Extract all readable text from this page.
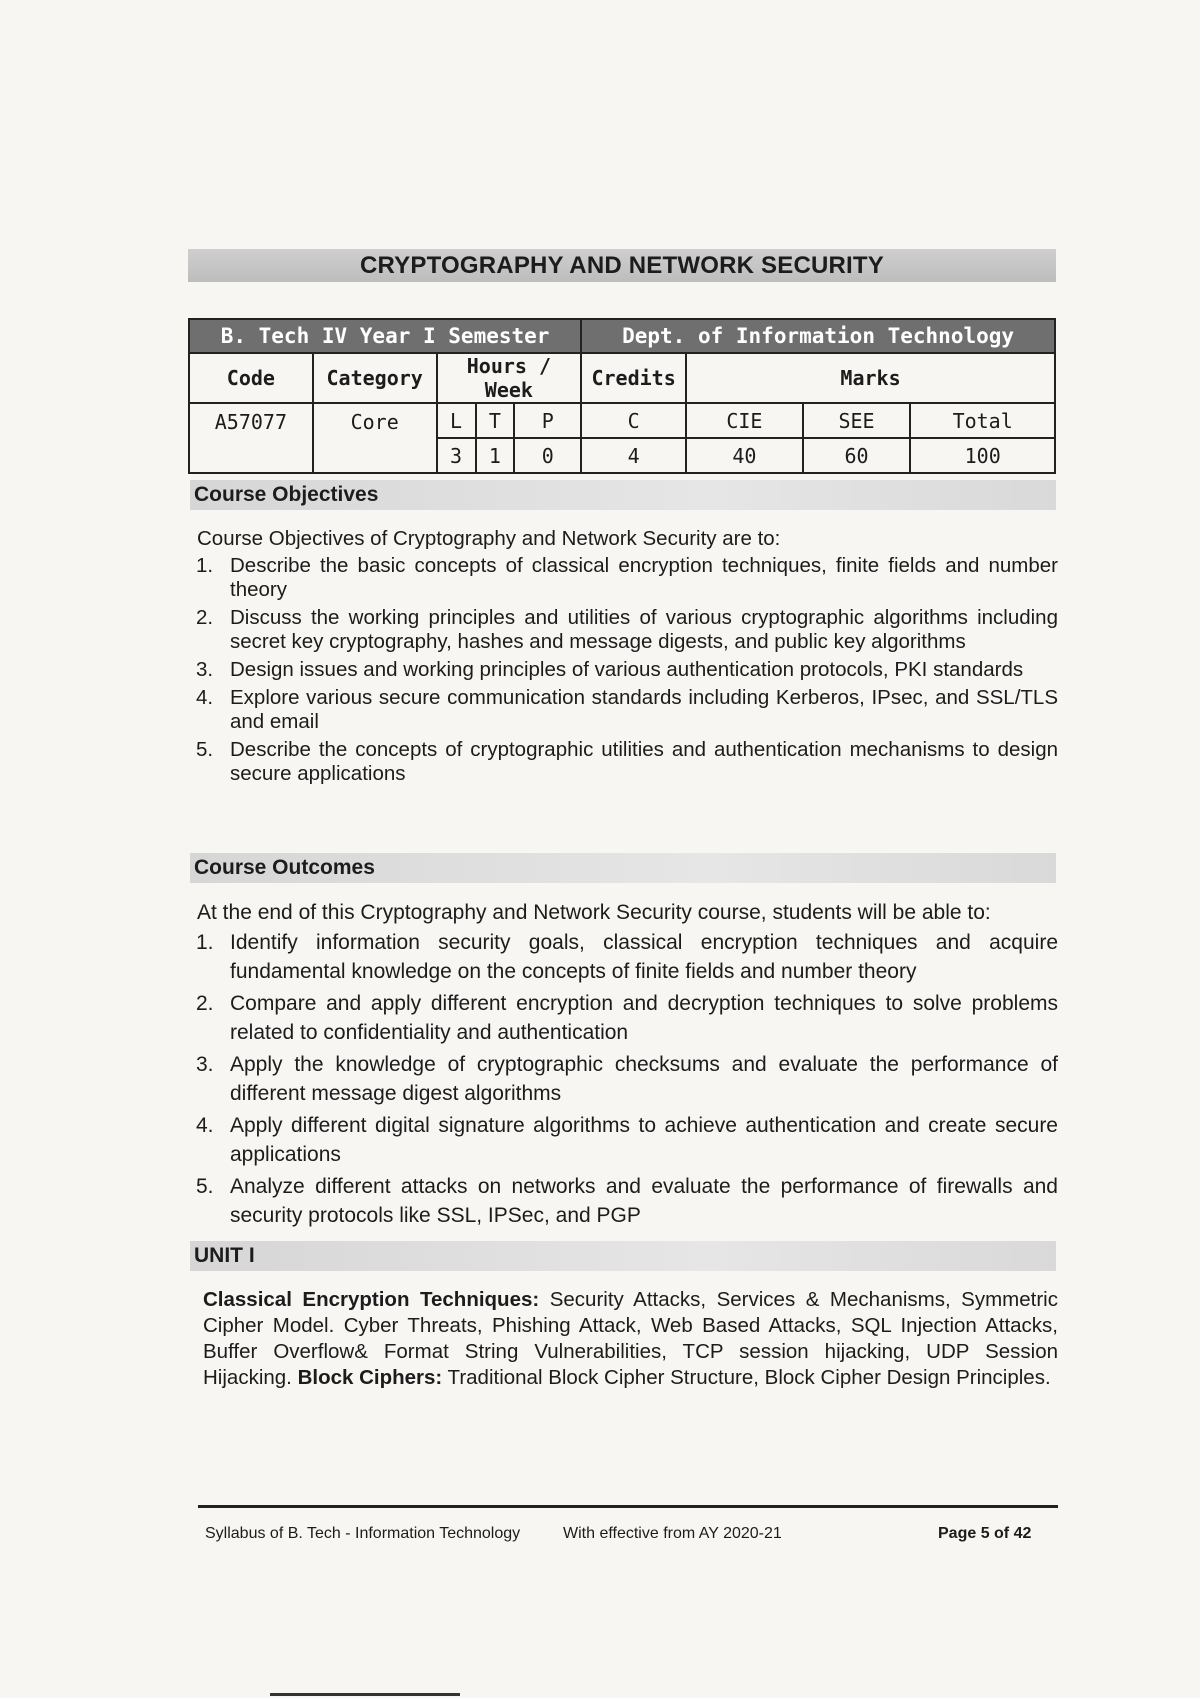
CRYPTOGRAPHY AND NETWORK SECURITY
B. Tech IV Year I Semester					Dept. of Information Technology			
Code	Category	Hours / Week			Credits	Marks		
A57077	Core	L	T	P	C	CIE	SEE	Total
		3	1	0	4	40	60	100
Course Objectives
Course Objectives of Cryptography and Network Security are to:
1. Describe the basic concepts of classical encryption techniques, finite fields and number theory
2. Discuss the working principles and utilities of various cryptographic algorithms including secret key cryptography, hashes and message digests, and public key algorithms
3. Design issues and working principles of various authentication protocols, PKI standards
4. Explore various secure communication standards including Kerberos, IPsec, and SSL/TLS and email
5. Describe the concepts of cryptographic utilities and authentication mechanisms to design secure applications
Course Outcomes
At the end of this Cryptography and Network Security course, students will be able to:
1. Identify information security goals, classical encryption techniques and acquire fundamental knowledge on the concepts of finite fields and number theory
2. Compare and apply different encryption and decryption techniques to solve problems related to confidentiality and authentication
3. Apply the knowledge of cryptographic checksums and evaluate the performance of different message digest algorithms
4. Apply different digital signature algorithms to achieve authentication and create secure applications
5. Analyze different attacks on networks and evaluate the performance of firewalls and security protocols like SSL, IPSec, and PGP
UNIT I
Classical Encryption Techniques: Security Attacks, Services & Mechanisms, Symmetric Cipher Model. Cyber Threats, Phishing Attack, Web Based Attacks, SQL Injection Attacks, Buffer Overflow& Format String Vulnerabilities, TCP session hijacking, UDP Session Hijacking. Block Ciphers: Traditional Block Cipher Structure, Block Cipher Design Principles.
Syllabus of B. Tech - Information Technology	With effective from AY 2020-21	Page 5 of 42
